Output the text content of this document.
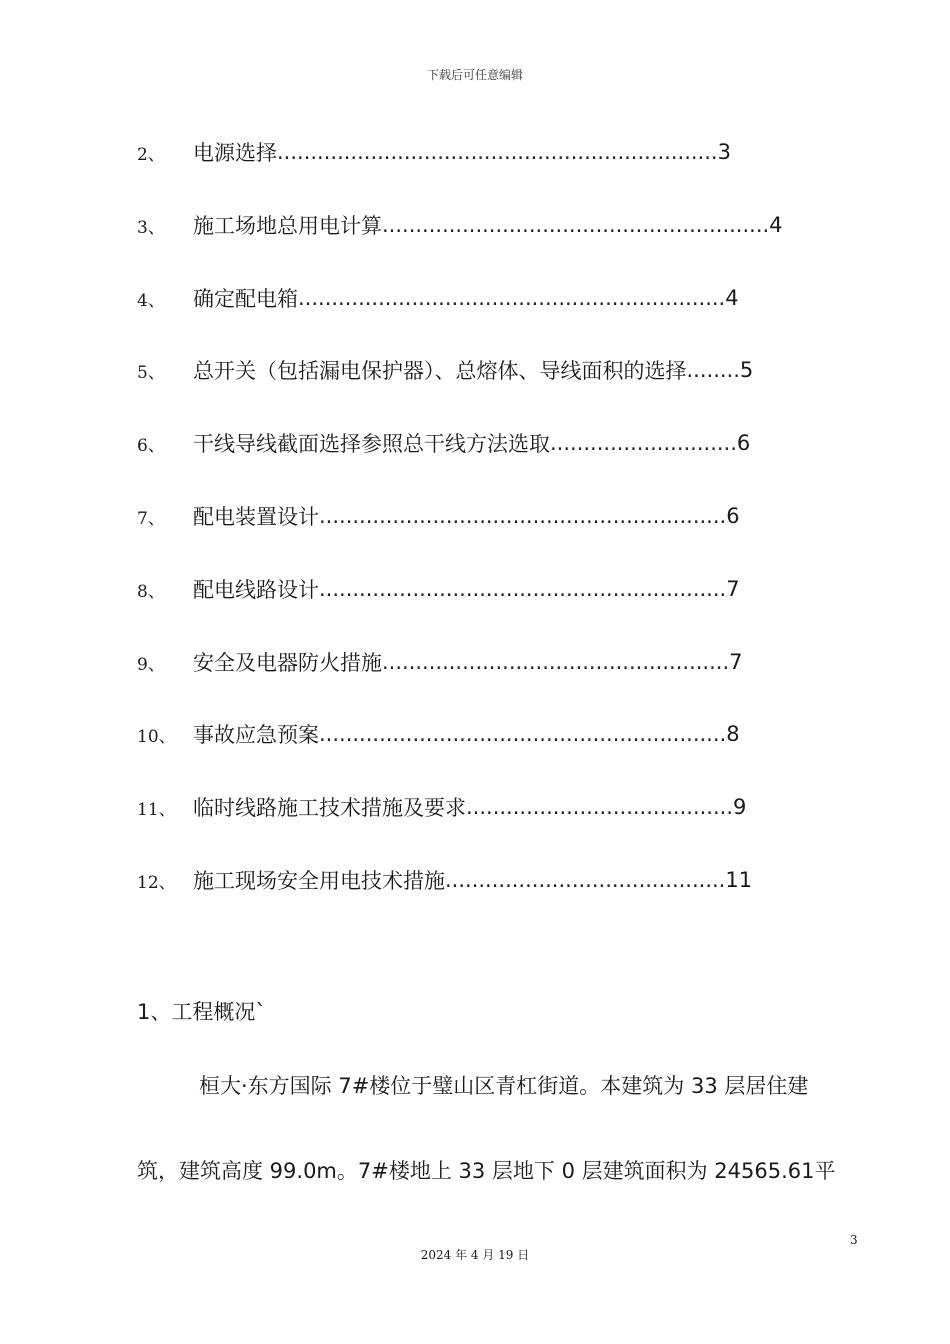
下载后可任意编辑
2、	电源选择 .................................................................. 3
3、	施工场地总用电计算 .......................................................... 4
4、	确定配电箱 ................................................................ 4
5、	总开关（包括漏电保护器）、总熔体、导线面积的选择 ........ 5
6、	干线导线截面选择参照总干线方法选取 ............................ 6
7、	配电装置设计 ............................................................. 6
8、	配电线路设计 ............................................................. 7
9、	安全及电器防火措施 .................................................... 7
10、 事故应急预案 ............................................................. 8
11、 临时线路施工技术措施及要求 ........................................ 9
12、 施工现场安全用电技术措施 .......................................... 11
1、工程概况`
桓大·东方国际 7#楼位于璧山区青杠街道。本建筑为 33 层居住建
筑，建筑高度 99.0m。7#楼地上 33 层地下 0 层建筑面积为 24565.61平
3
2024 年 4 月 19 日
